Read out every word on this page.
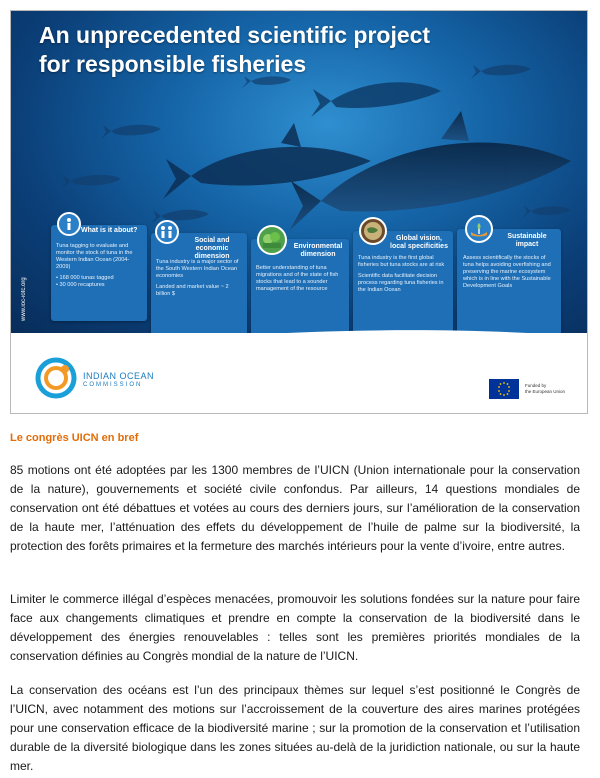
An unprecedented scientific project
for responsible fisheries
www.ioc-iotc.org
What is it about?

Tuna tagging to evaluate and monitor the stock of tuna in the Western Indian Ocean (2004-2009)

• 168 000 tunas tagged

• 30 000 recaptures

Social and economic dimension

Tuna industry is a major sector of the South Western Indian Ocean economies

Landed and market value ~ 2 billion $

Environmental dimension

Better understanding of tuna migrations and of the state of fish stocks that lead to a sounder management of the resource

Global vision, local specificities

Tuna industry is the first global fisheries but tuna stocks are at risk

Scientific data facilitate decision process regarding tuna fisheries in the Indian Ocean

Sustainable impact

Assess scientifically the stocks of tuna helps avoiding overfishing and preserving the marine ecosystem which is in line with the Sustainable Development Goals

INDIAN OCEAN
COMMISSION	Funded by
the European Union
Le congrès UICN en bref

85 motions ont été adoptées par les 1300 membres de l’UICN (Union internationale pour la conservation de la nature), gouvernements et société civile confondus. Par ailleurs, 14 questions mondiales de conservation ont été débattues et votées au cours des derniers jours, sur l’amélioration de la conservation de la haute mer, l’atténuation des effets du développement de l’huile de palme sur la biodiversité, la protection des forêts primaires et la fermeture des marchés intérieurs pour la vente d’ivoire, entre autres.

Limiter le commerce illégal d’espèces menacées, promouvoir les solutions fondées sur la nature pour faire face aux changements climatiques et prendre en compte la conservation de la biodiversité dans le développement des énergies renouvelables : telles sont les premières priorités mondiales de la conservation définies au Congrès mondial de la nature de l’UICN.

La conservation des océans est l’un des principaux thèmes sur lequel s’est positionné le Congrès de l’UICN, avec notamment des motions sur l’accroissement de la couverture des aires marines protégées pour une conservation efficace de la biodiversité marine ; sur la promotion de la conservation et l’utilisation durable de la diversité biologique dans les zones situées au-delà de la juridiction nationale, ou sur la haute mer.
